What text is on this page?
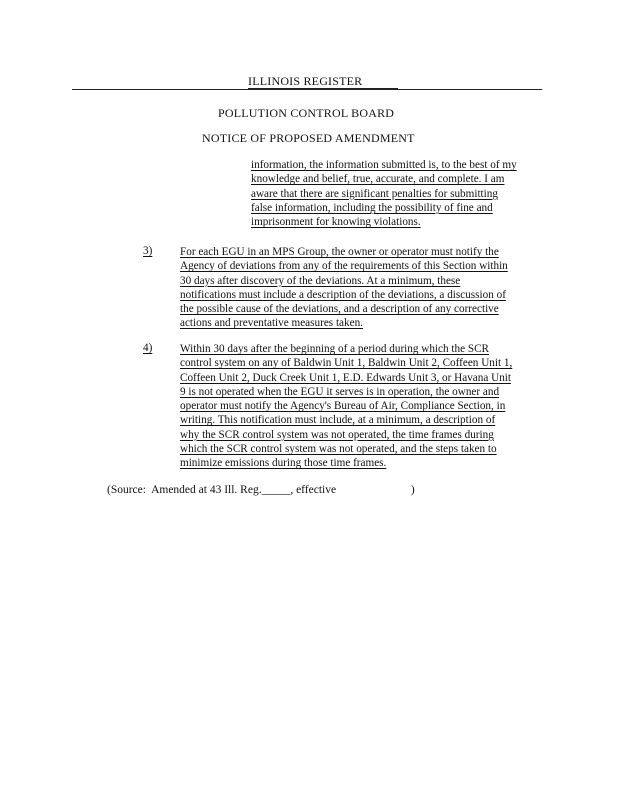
ILLINOIS REGISTER
POLLUTION CONTROL BOARD
NOTICE OF PROPOSED AMENDMENT
information, the information submitted is, to the best of my
knowledge and belief, true, accurate, and complete. I am
aware that there are significant penalties for submitting
false information, including the possibility of fine and
imprisonment for knowing violations.
3) For each EGU in an MPS Group, the owner or operator must notify the
Agency of deviations from any of the requirements of this Section within
30 days after discovery of the deviations. At a minimum, these
notifications must include a description of the deviations, a discussion of
the possible cause of the deviations, and a description of any corrective
actions and preventative measures taken.
4) Within 30 days after the beginning of a period during which the SCR
control system on any of Baldwin Unit 1, Baldwin Unit 2, Coffeen Unit 1,
Coffeen Unit 2, Duck Creek Unit 1, E.D. Edwards Unit 3, or Havana Unit
9 is not operated when the EGU it serves is in operation, the owner and
operator must notify the Agency's Bureau of Air, Compliance Section, in
writing. This notification must include, at a minimum, a description of
why the SCR control system was not operated, the time frames during
which the SCR control system was not operated, and the steps taken to
minimize emissions during those time frames.
(Source:  Amended at 43 Ill. Reg._____, effective                          )
